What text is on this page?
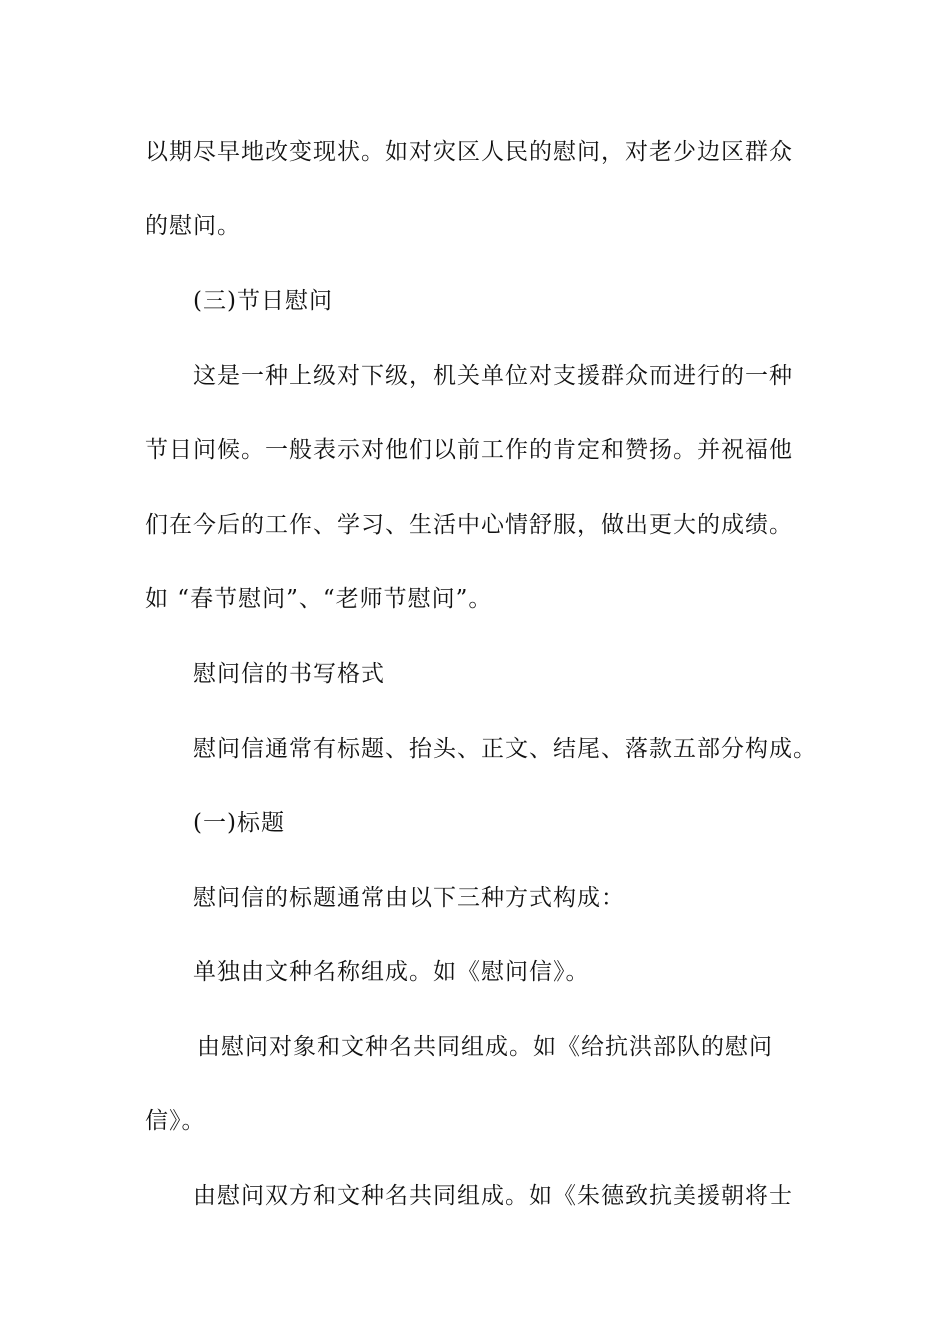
以期尽早地改变现状。如对灾区人民的慰问，对老少边区群众
的慰问。
(三)节日慰问
这是一种上级对下级，机关单位对支援群众而进行的一种
节日问候。一般表示对他们以前工作的肯定和赞扬。并祝福他
们在今后的工作、学习、生活中心情舒服，做出更大的成绩。
如 “春节慰问”、“老师节慰问”。
慰问信的书写格式
慰问信通常有标题、抬头、正文、结尾、落款五部分构成。
(一)标题
慰问信的标题通常由以下三种方式构成：
单独由文种名称组成。如《慰问信》。
由慰问对象和文种名共同组成。如《给抗洪部队的慰问
信》。
由慰问双方和文种名共同组成。如《朱德致抗美援朝将士
